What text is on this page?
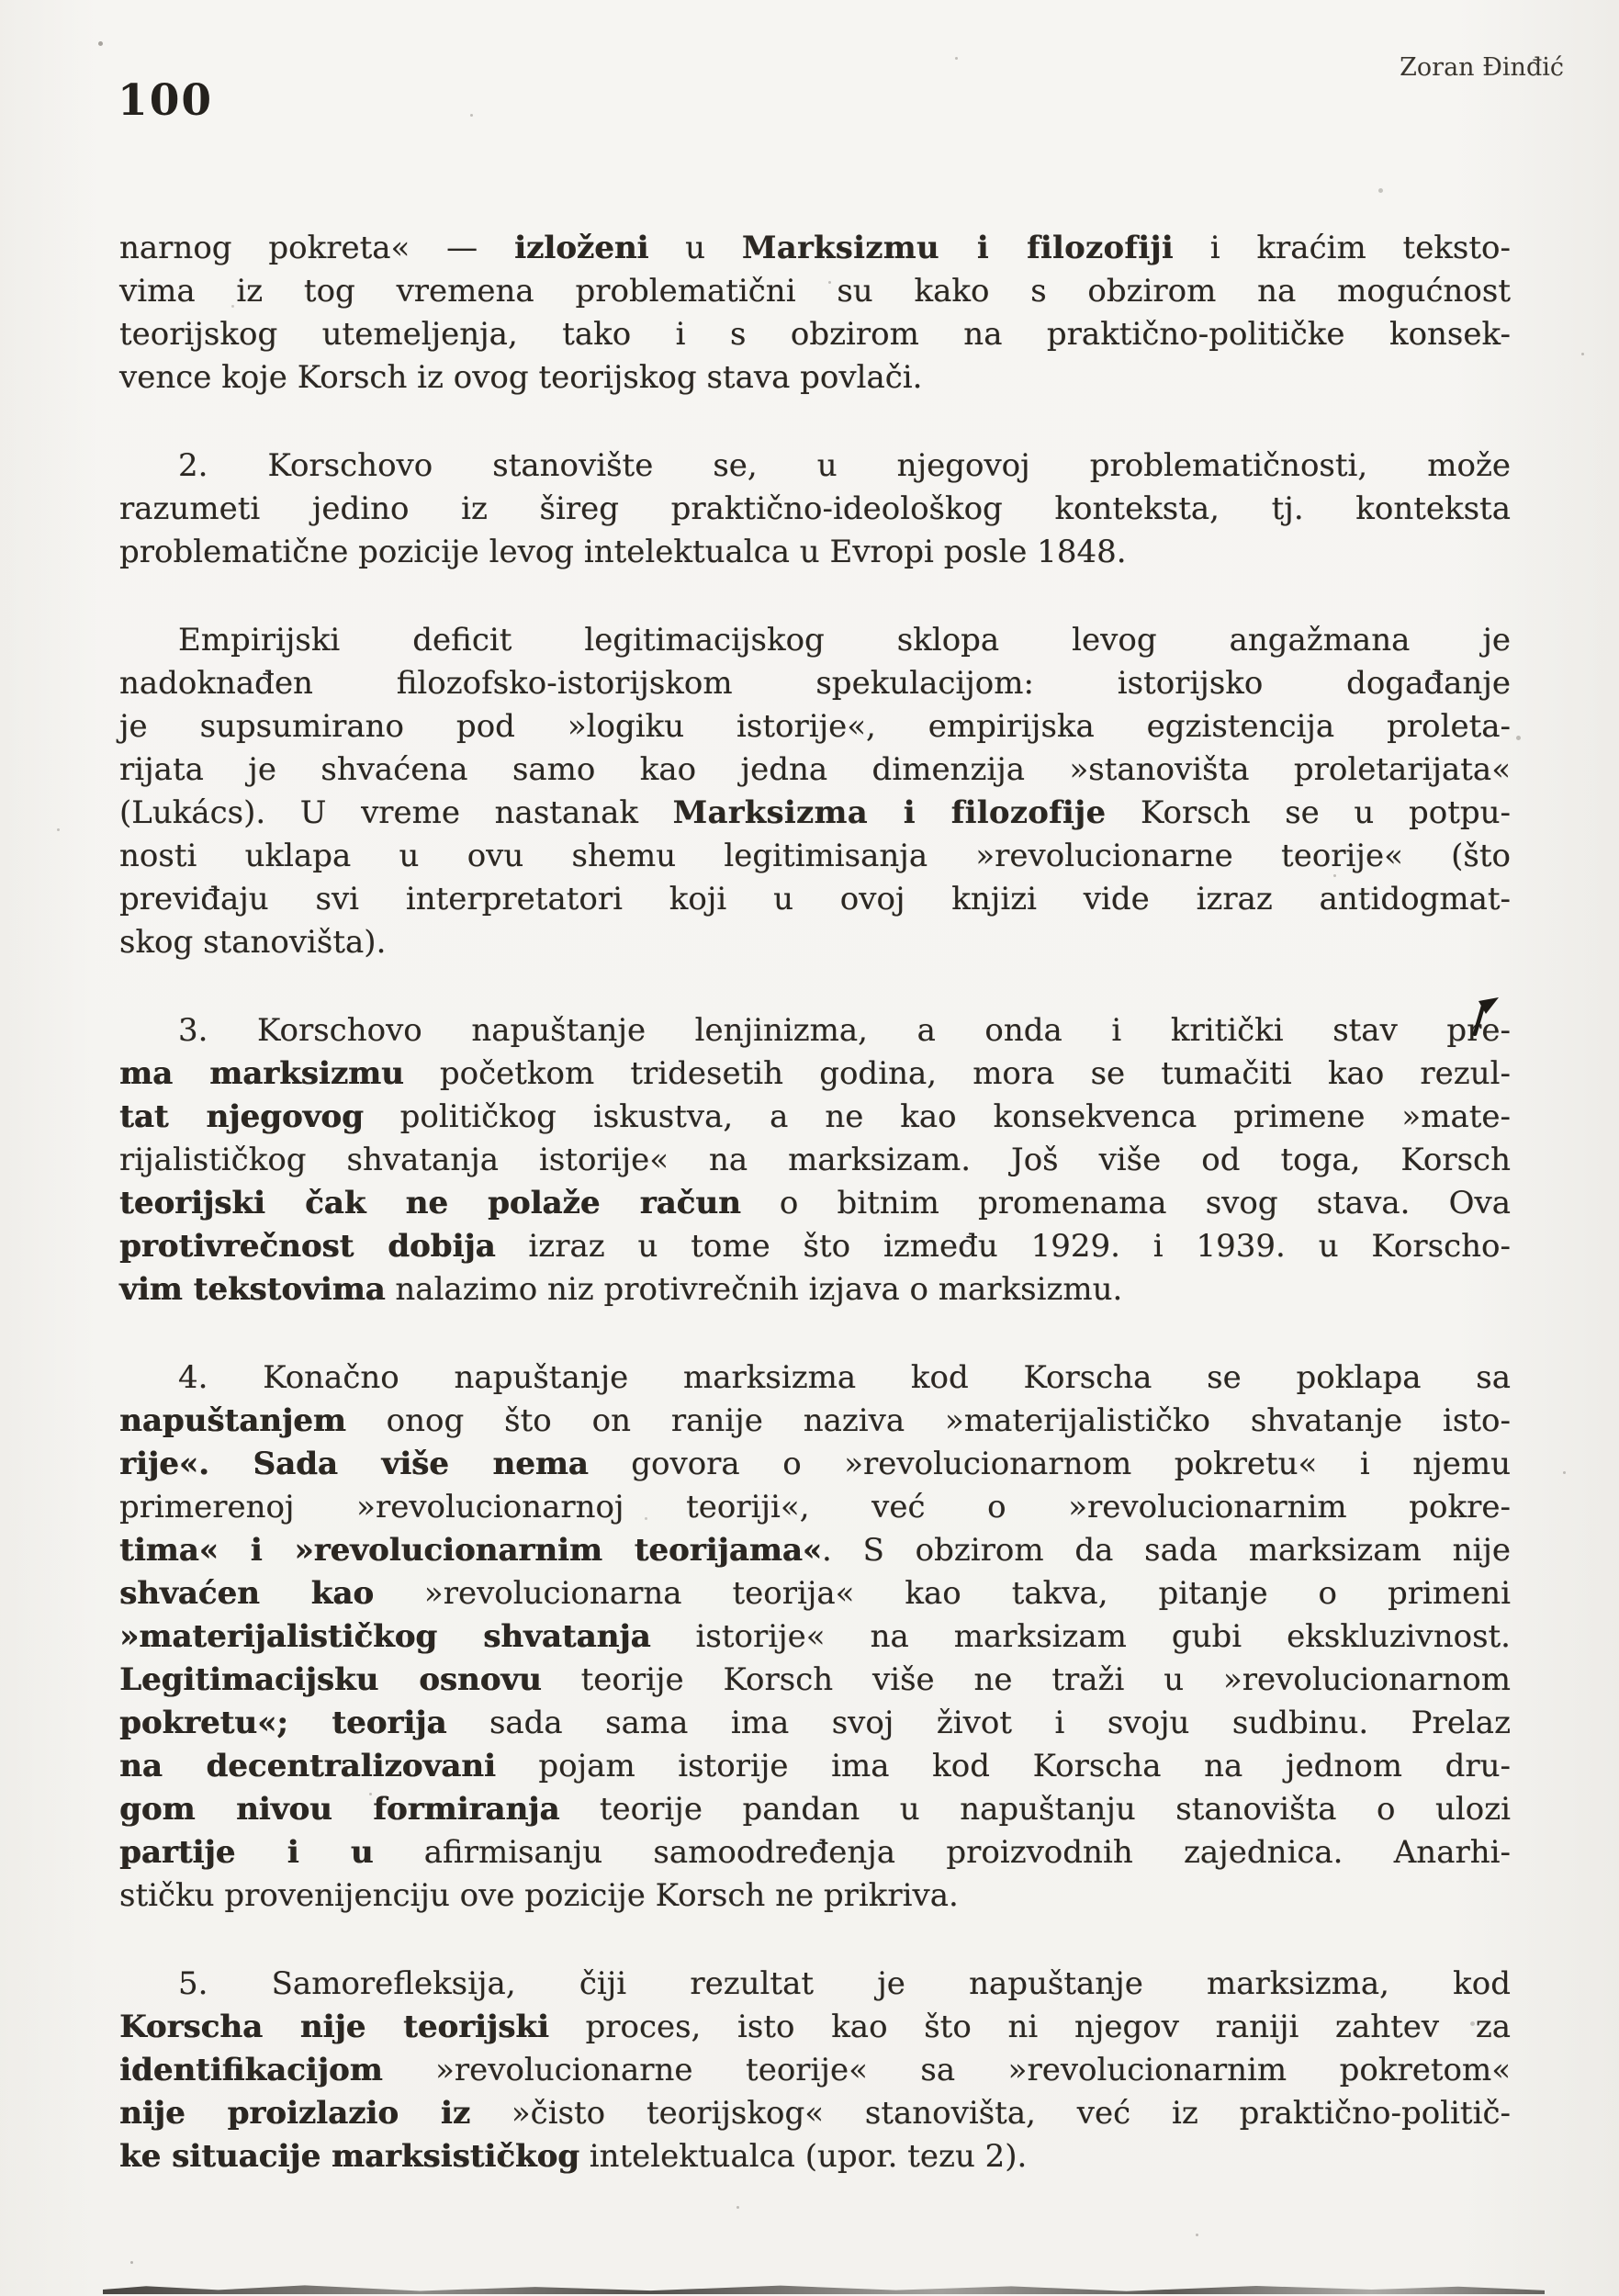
100
Zoran Đinđić
narnog pokreta« — izloženi u Marksizmu i filozofiji i kraćim teksto-
vima iz tog vremena problematični su kako s obzirom na mogućnost
teorijskog utemeljenja, tako i s obzirom na praktično-političke konsek-
vence koje Korsch iz ovog teorijskog stava povlači.
2. Korschovo stanovište se, u njegovoj problematičnosti, može
razumeti jedino iz šireg praktično-ideološkog konteksta, tj. konteksta
problematične pozicije levog intelektualca u Evropi posle 1848.
Empirijski deficit legitimacijskog sklopa levog angažmana je
nadoknađen filozofsko-istorijskom spekulacijom: istorijsko događanje
je supsumirano pod »logiku istorije«, empirijska egzistencija proleta-
rijata je shvaćena samo kao jedna dimenzija »stanovišta proletarijata«
(Lukács). U vreme nastanak Marksizma i filozofije Korsch se u potpu-
nosti uklapa u ovu shemu legitimisanja »revolucionarne teorije« (što
previđaju svi interpretatori koji u ovoj knjizi vide izraz antidogmat-
skog stanovišta).
3. Korschovo napuštanje lenjinizma, a onda i kritički stav pre-
ma marksizmu početkom tridesetih godina, mora se tumačiti kao rezul-
tat njegovog političkog iskustva, a ne kao konsekvenca primene »mate-
rijalističkog shvatanja istorije« na marksizam. Još više od toga, Korsch
teorijski čak ne polaže račun o bitnim promenama svog stava. Ova
protivrečnost dobija izraz u tome što između 1929. i 1939. u Korscho-
vim tekstovima nalazimo niz protivrečnih izjava o marksizmu.
4. Konačno napuštanje marksizma kod Korscha se poklapa sa
napuštanjem onog što on ranije naziva »materijalističko shvatanje isto-
rije«. Sada više nema govora o »revolucionarnom pokretu« i njemu
primerenoj »revolucionarnoj teoriji«, već o »revolucionarnim pokre-
tima« i »revolucionarnim teorijama«. S obzirom da sada marksizam nije
shvaćen kao »revolucionarna teorija« kao takva, pitanje o primeni
»materijalističkog shvatanja istorije« na marksizam gubi ekskluzivnost.
Legitimacijsku osnovu teorije Korsch više ne traži u »revolucionarnom
pokretu«; teorija sada sama ima svoj život i svoju sudbinu. Prelaz
na decentralizovani pojam istorije ima kod Korscha na jednom dru-
gom nivou formiranja teorije pandan u napuštanju stanovišta o ulozi
partije i u afirmisanju samoodređenja proizvodnih zajednica. Anarhi-
stičku provenijenciju ove pozicije Korsch ne prikriva.
5. Samorefleksija, čiji rezultat je napuštanje marksizma, kod
Korscha nije teorijski proces, isto kao što ni njegov raniji zahtev za
identifikacijom »revolucionarne teorije« sa »revolucionarnim pokretom«
nije proizlazio iz »čisto teorijskog« stanovišta, već iz praktično-politič-
ke situacije marksističkog intelektualca (upor. tezu 2).
